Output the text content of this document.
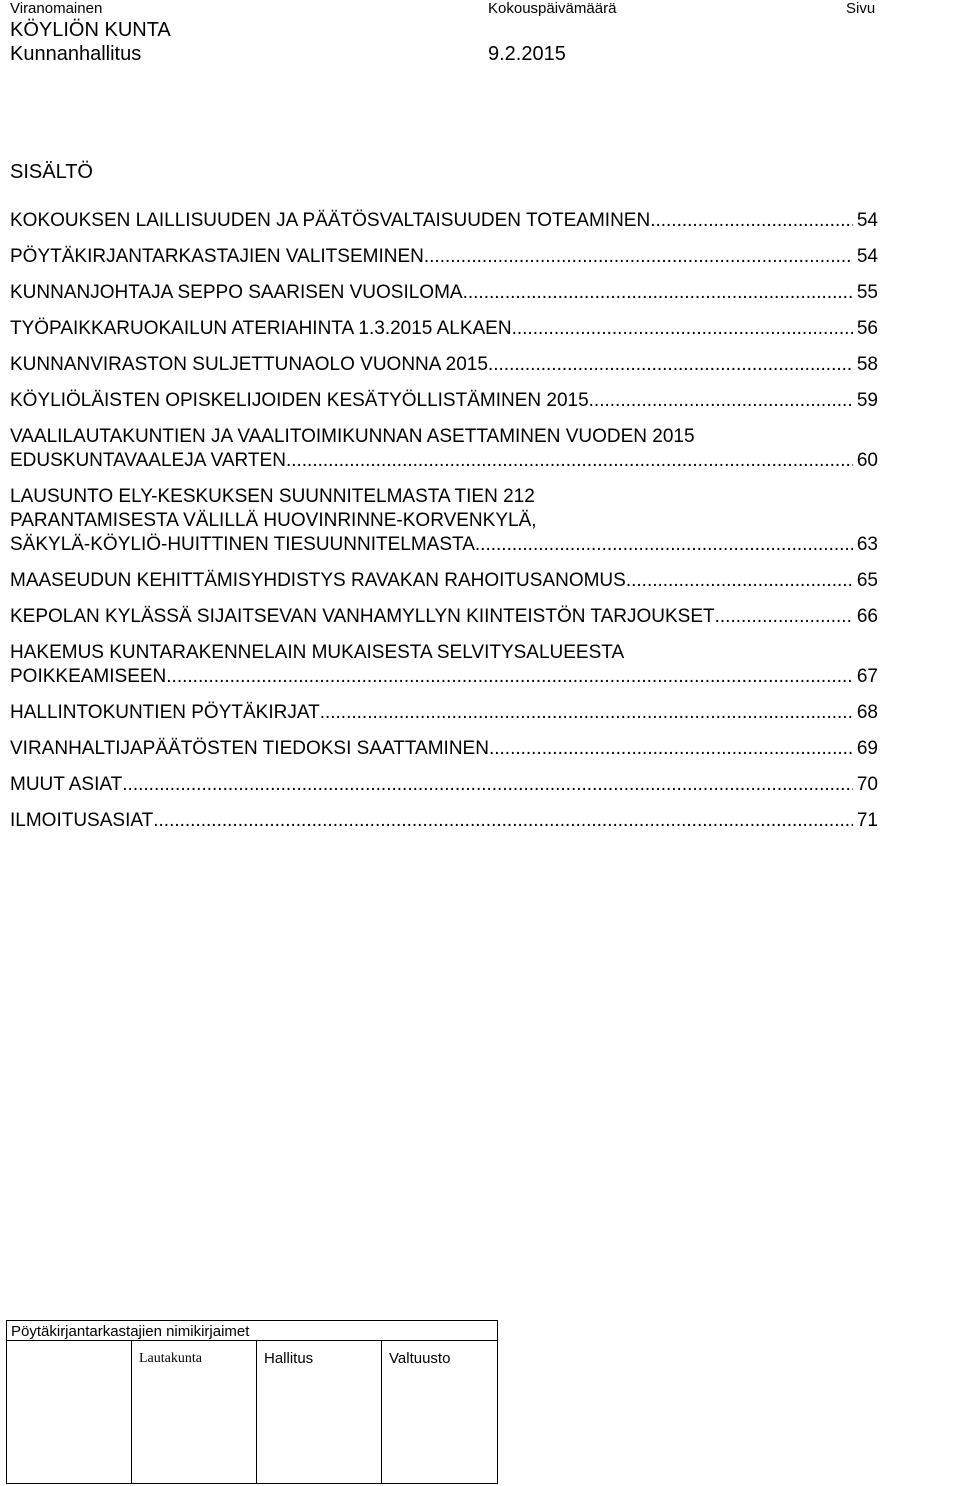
Viranomainen	Kokouspäivämäärä	Sivu
KÖYLIÖN KUNTA
Kunnanhallitus	9.2.2015
SISÄLTÖ
KOKOUKSEN LAILLISUUDEN JA PÄÄTÖSVALTAISUUDEN TOTEAMINEN .....	54
PÖYTÄKIRJANTARKASTAJIEN VALITSEMINEN .....	54
KUNNANJOHTAJA SEPPO SAARISEN VUOSILOMA .....	55
TYÖPAIKKARUOKAILUN ATERIAHINTA 1.3.2015 ALKAEN .....	56
KUNNANVIRASTON SULJETTUNAOLO VUONNA 2015 .....	58
KÖYLIÖLÄISTEN OPISKELIJOIDEN KESÄTYÖLLISTÄMINEN 2015 .....	59
VAALILAUTAKUNTIEN JA VAALITOIMIKUNNAN ASETTAMINEN VUODEN 2015
EDUSKUNTAVAALEJA VARTEN .....	60
LAUSUNTO ELY-KESKUKSEN SUUNNITELMASTA TIEN 212
PARANTAMISESTA VÄLILLÄ HUOVINRINNE-KORVENKYLÄ,
SÄKYLÄ-KÖYLIÖ-HUITTINEN TIESUUNNITELMASTA .....	63
MAASEUDUN KEHITTÄMISYHDISTYS RAVAKAN RAHOITUSANOMUS .....	65
KEPOLAN KYLÄSSÄ SIJAITSEVAN VANHAMYLLYN KIINTEISTÖN TARJOUKSET .....	66
HAKEMUS KUNTARAKENNELAIN MUKAISESTA SELVITYSALUEESTA
POIKKEAMISEEN .....	67
HALLINTOKUNTIEN PÖYTÄKIRJAT .....	68
VIRANHALTIJAPÄÄTÖSTEN TIEDOKSI SAATTAMINEN .....	69
MUUT ASIAT .....	70
ILMOITUSASIAT .....	71
Pöytäkirjantarkastajien nimikirjaimet
Lautakunta	Hallitus	Valtuusto
